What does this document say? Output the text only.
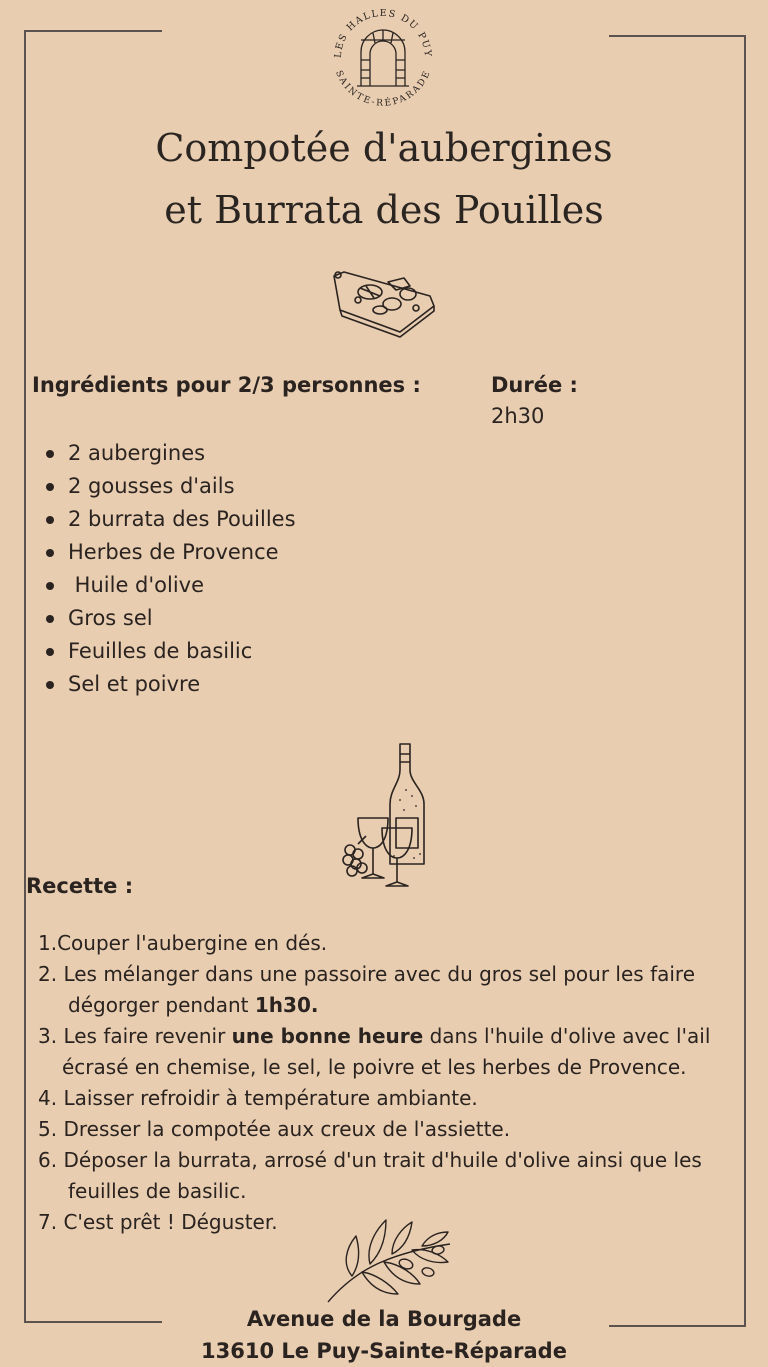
LES HALLES DU PUY
SAINTE-RÉPARADE
Compotée d'aubergines
et Burrata des Pouilles
Ingrédients pour 2/3 personnes :
2 aubergines
2 gousses d'ails
2 burrata des Pouilles
Herbes de Provence
Huile d'olive
Gros sel
Feuilles de basilic
Sel et poivre
Durée :
2h30
Recette :
1.Couper l'aubergine en dés.
2. Les mélanger dans une passoire avec du gros sel pour les faire
dégorger pendant 1h30.
3. Les faire revenir une bonne heure dans l'huile d'olive avec l'ail
écrasé en chemise, le sel, le poivre et les herbes de Provence.
4. Laisser refroidir à température ambiante.
5. Dresser la compotée aux creux de l'assiette.
6. Déposer la burrata, arrosé d'un trait d'huile d'olive ainsi que les
feuilles de basilic.
7. C'est prêt ! Déguster.
Avenue de la Bourgade
13610 Le Puy-Sainte-Réparade
